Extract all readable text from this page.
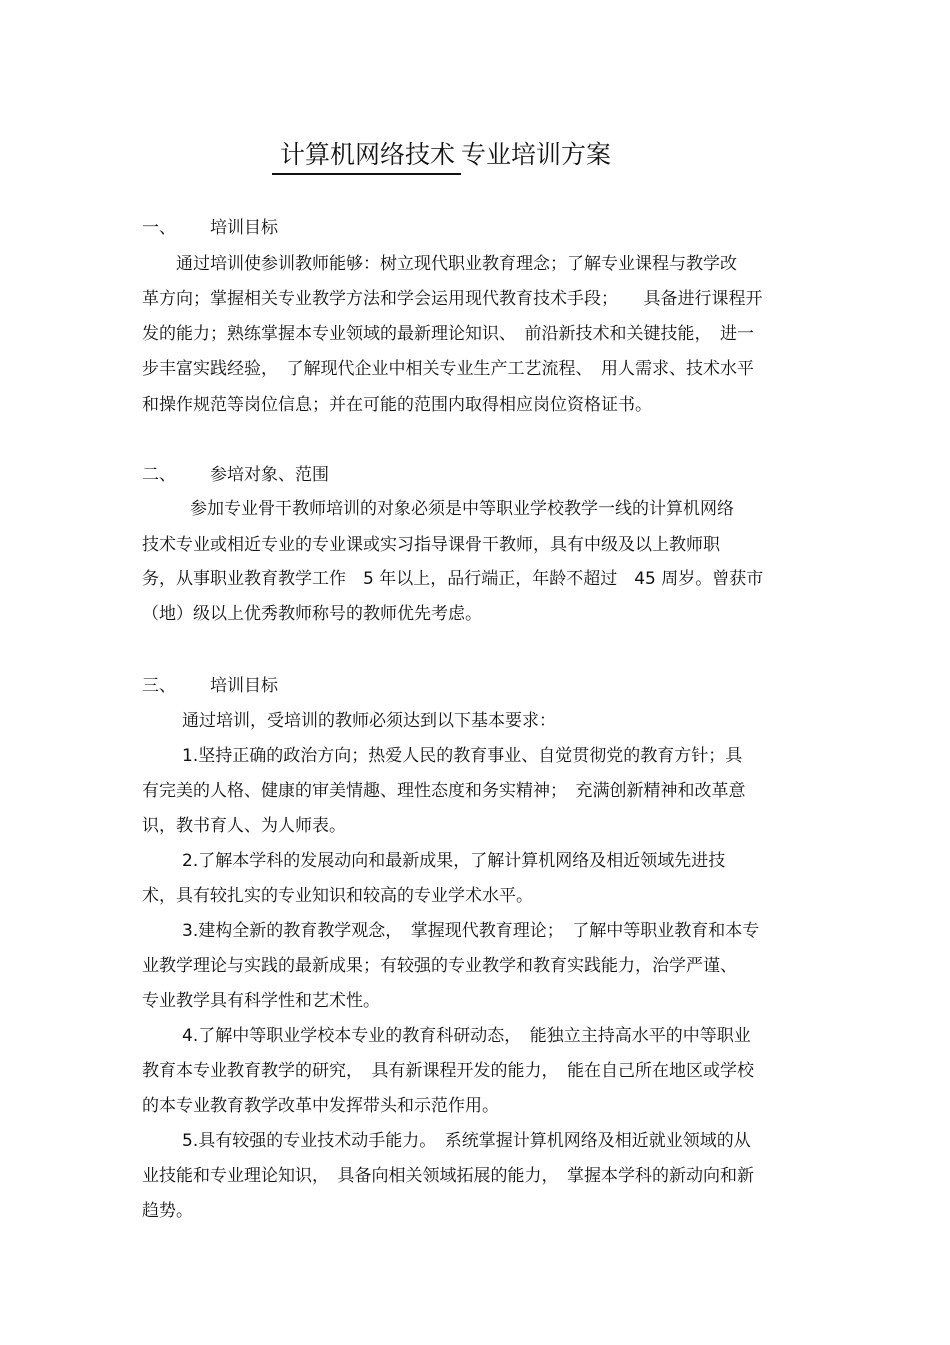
计算机网络技术 专业培训方案
一、 培训目标
通过培训使参训教师能够：树立现代职业教育理念；了解专业课程与教学改
革方向；掌握相关专业教学方法和学会运用现代教育技术手段；　　具备进行课程开
发的能力；熟练掌握本专业领域的最新理论知识、　前沿新技术和关键技能，　进一
步丰富实践经验，　了解现代企业中相关专业生产工艺流程、　用人需求、技术水平
和操作规范等岗位信息；并在可能的范围内取得相应岗位资格证书。
二、 参培对象、范围
参加专业骨干教师培训的对象必须是中等职业学校教学一线的计算机网络
技术专业或相近专业的专业课或实习指导课骨干教师，具有中级及以上教师职
务，从事职业教育教学工作　5 年以上，品行端正，年龄不超过　45 周岁。曾获市
（地）级以上优秀教师称号的教师优先考虑。
三、 培训目标
通过培训，受培训的教师必须达到以下基本要求：
1.坚持正确的政治方向；热爱人民的教育事业、自觉贯彻党的教育方针；具
有完美的人格、健康的审美情趣、理性态度和务实精神；　充满创新精神和改革意
识，教书育人、为人师表。
2.了解本学科的发展动向和最新成果，了解计算机网络及相近领域先进技
术，具有较扎实的专业知识和较高的专业学术水平。
3.建构全新的教育教学观念，　掌握现代教育理论；　了解中等职业教育和本专
业教学理论与实践的最新成果；有较强的专业教学和教育实践能力，治学严谨、
专业教学具有科学性和艺术性。
4.了解中等职业学校本专业的教育科研动态，　能独立主持高水平的中等职业
教育本专业教育教学的研究，　具有新课程开发的能力，　能在自己所在地区或学校
的本专业教育教学改革中发挥带头和示范作用。
5.具有较强的专业技术动手能力。　系统掌握计算机网络及相近就业领域的从
业技能和专业理论知识，　具备向相关领域拓展的能力，　掌握本学科的新动向和新
趋势。
